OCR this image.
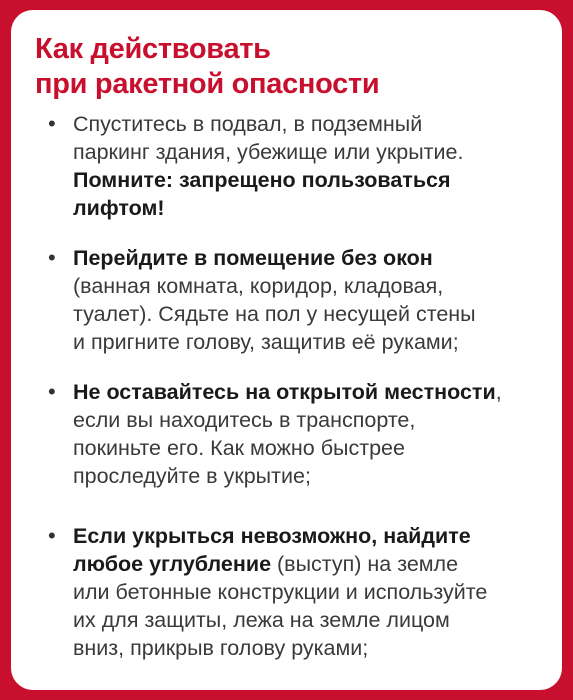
Как действовать
при ракетной опасности
• Спуститесь в подвал, в подземный
паркинг здания, убежище или укрытие.
Помните: запрещено пользоваться
лифтом!
• Перейдите в помещение без окон
(ванная комната, коридор, кладовая,
туалет). Сядьте на пол у несущей стены
и пригните голову, защитив её руками;
• Не оставайтесь на открытой местности,
если вы находитесь в транспорте,
покиньте его. Как можно быстрее
проследуйте в укрытие;
• Если укрыться невозможно, найдите
любое углубление (выступ) на земле
или бетонные конструкции и используйте
их для защиты, лежа на земле лицом
вниз, прикрыв голову руками;
